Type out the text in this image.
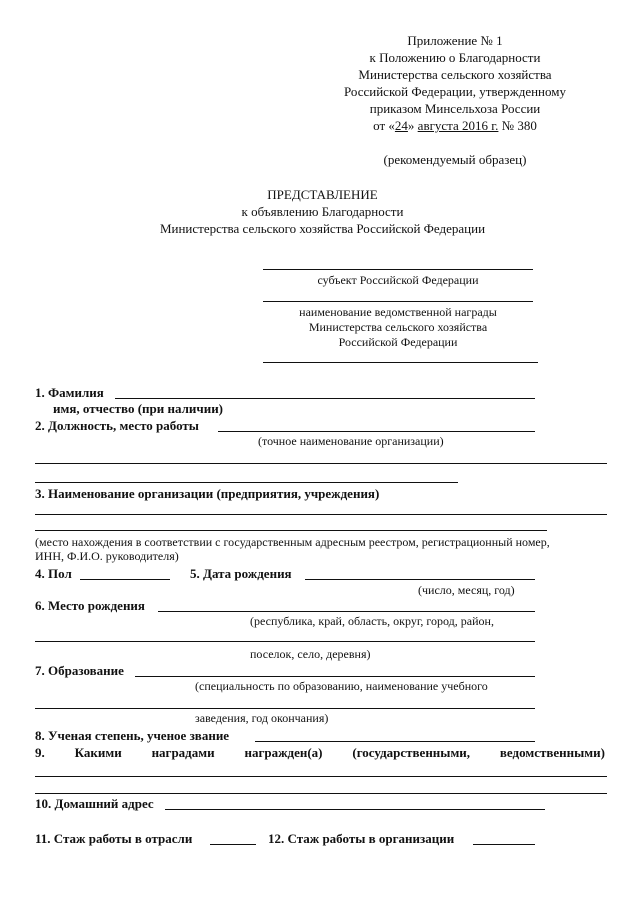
Приложение № 1
к Положению о Благодарности
Министерства сельского хозяйства
Российской Федерации, утвержденному
приказом Минсельхоза России
от «24» августа 2016 г. № 380
(рекомендуемый образец)
ПРЕДСТАВЛЕНИЕ
к объявлению Благодарности
Министерства сельского хозяйства Российской Федерации
субъект Российской Федерации
наименование ведомственной награды
Министерства сельского хозяйства
Российской Федерации
1. Фамилия
имя, отчество (при наличии)
2. Должность, место работы
(точное наименование организации)
3. Наименование организации (предприятия, учреждения)
(место нахождения в соответствии с государственным адресным реестром, регистрационный номер,
ИНН, Ф.И.О. руководителя)
4. Пол	5. Дата рождения
(число, месяц, год)
6. Место рождения
(республика, край, область, округ, город, район,
поселок, село, деревня)
7. Образование
(специальность по образованию, наименование учебного
заведения, год окончания)
8. Ученая степень, ученое звание
9. Какими наградами награжден(а) (государственными, ведомственными)
10. Домашний адрес
11. Стаж работы в отрасли	12. Стаж работы в организации
